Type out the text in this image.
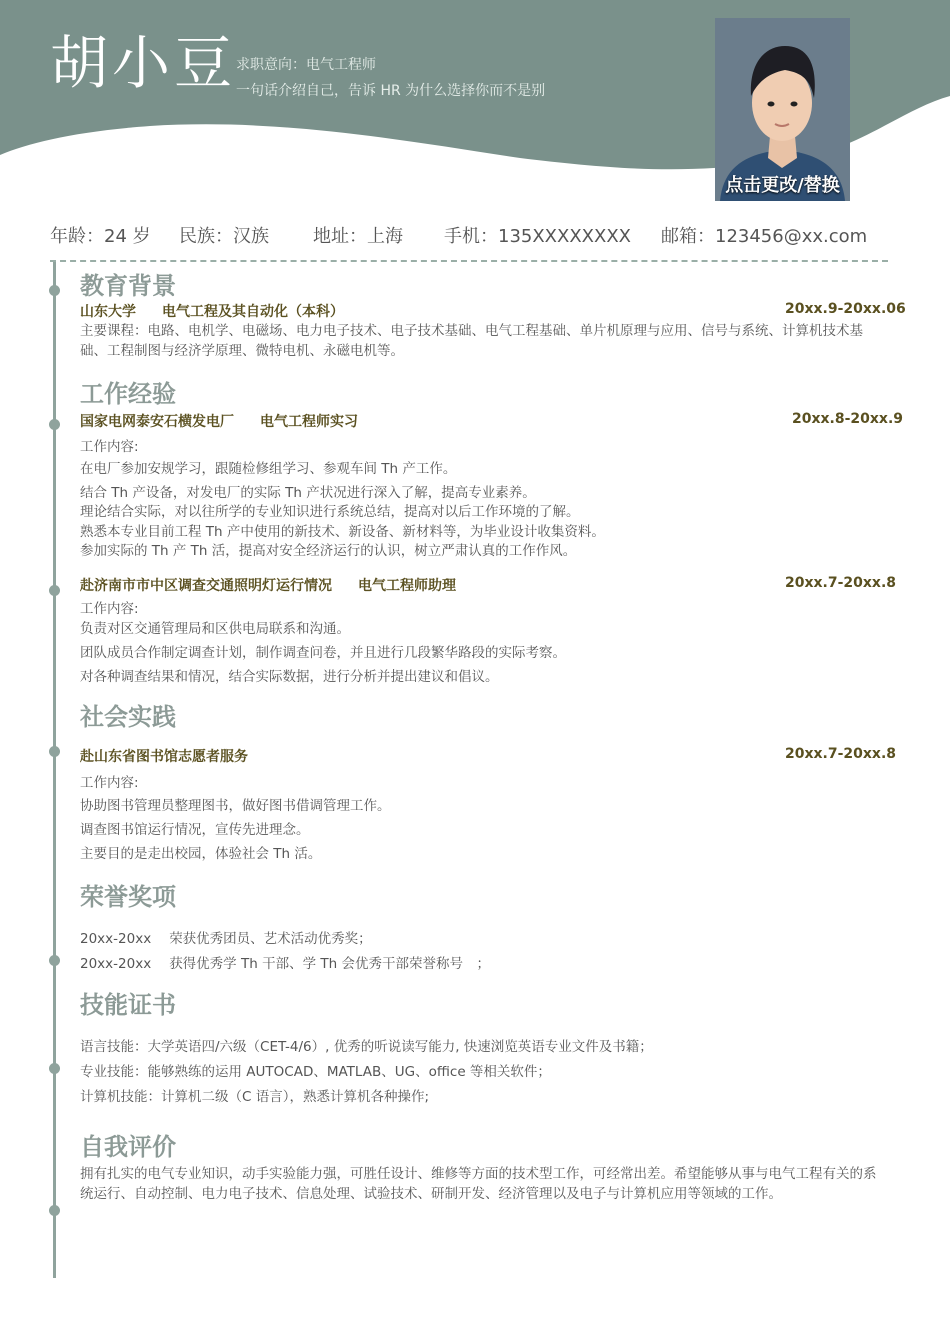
胡小豆 求职意向：电气工程师
一句话介绍自己，告诉 HR 为什么选择你而不是别
点击更改/替换
年龄：24 岁 民族：汉族 地址：上海 手机：135XXXXXXXX 邮箱：123456@xx.com
教育背景
山东大学 电气工程及其自动化（本科）	20xx.9-20xx.06
主要课程：电路、电机学、电磁场、电力电子技术、电子技术基础、电气工程基础、单片机原理与应用、信号与系统、计算机技术基础、工程制图与经济学原理、微特电机、永磁电机等。
工作经验
国家电网泰安石横发电厂 电气工程师实习	20xx.8-20xx.9
工作内容:
在电厂参加安规学习，跟随检修组学习、参观车间 Th 产工作。
结合 Th 产设备，对发电厂的实际 Th 产状况进行深入了解，提高专业素养。
理论结合实际，对以往所学的专业知识进行系统总结，提高对以后工作环境的了解。
熟悉本专业目前工程 Th 产中使用的新技术、新设备、新材料等，为毕业设计收集资料。
参加实际的 Th 产 Th 活，提高对安全经济运行的认识，树立严肃认真的工作作风。
赴济南市市中区调查交通照明灯运行情况 电气工程师助理	20xx.7-20xx.8
工作内容:
负责对区交通管理局和区供电局联系和沟通。
团队成员合作制定调查计划，制作调查问卷，并且进行几段繁华路段的实际考察。
对各种调查结果和情况，结合实际数据，进行分析并提出建议和倡议。
社会实践
赴山东省图书馆志愿者服务	20xx.7-20xx.8
工作内容:
协助图书管理员整理图书，做好图书借调管理工作。
调查图书馆运行情况，宣传先进理念。
主要目的是走出校园，体验社会 Th 活。
荣誉奖项
20xx-20xx 荣获优秀团员、艺术活动优秀奖；
20xx-20xx 获得优秀学 Th 干部、学 Th 会优秀干部荣誉称号　；
技能证书
语言技能：大学英语四/六级（CET-4/6）, 优秀的听说读写能力, 快速浏览英语专业文件及书籍；
专业技能：能够熟练的运用 AUTOCAD、MATLAB、UG、office 等相关软件；
计算机技能：计算机二级（C 语言），熟悉计算机各种操作;
自我评价
拥有扎实的电气专业知识，动手实验能力强，可胜任设计、维修等方面的技术型工作，可经常出差。希望能够从事与电气工程有关的系统运行、自动控制、电力电子技术、信息处理、试验技术、研制开发、经济管理以及电子与计算机应用等领域的工作。
